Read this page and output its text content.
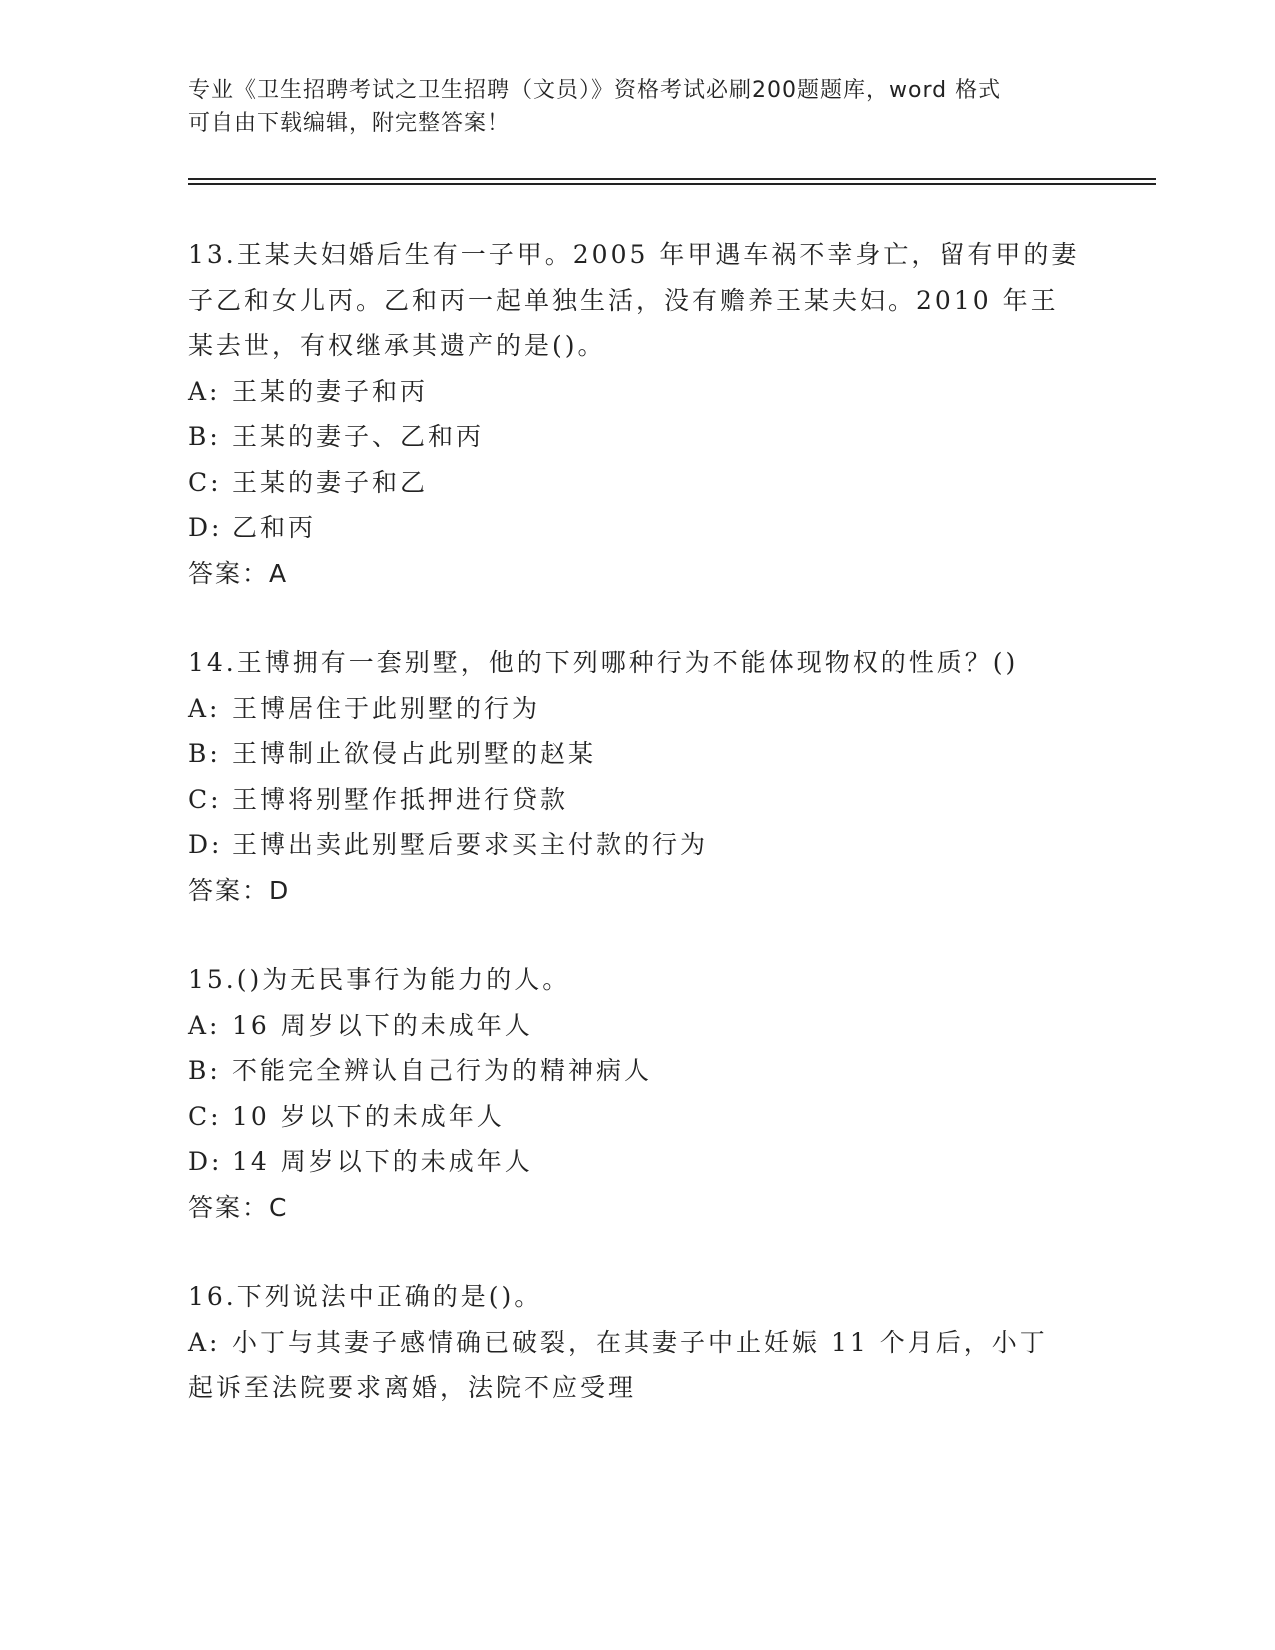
专业《卫生招聘考试之卫生招聘（文员）》资格考试必刷200题题库，word 格式
可自由下载编辑，附完整答案！
13.王某夫妇婚后生有一子甲。2005 年甲遇车祸不幸身亡，留有甲的妻
子乙和女儿丙。乙和丙一起单独生活，没有赡养王某夫妇。2010 年王
某去世，有权继承其遗产的是()。
A: 王某的妻子和丙
B: 王某的妻子、乙和丙
C: 王某的妻子和乙
D: 乙和丙
答案：A
14.王博拥有一套别墅，他的下列哪种行为不能体现物权的性质？()
A: 王博居住于此别墅的行为
B: 王博制止欲侵占此别墅的赵某
C: 王博将别墅作抵押进行贷款
D: 王博出卖此别墅后要求买主付款的行为
答案：D
15.()为无民事行为能力的人。
A: 16 周岁以下的未成年人
B: 不能完全辨认自己行为的精神病人
C: 10 岁以下的未成年人
D: 14 周岁以下的未成年人
答案：C
16.下列说法中正确的是()。
A: 小丁与其妻子感情确已破裂，在其妻子中止妊娠 11 个月后，小丁
起诉至法院要求离婚，法院不应受理
